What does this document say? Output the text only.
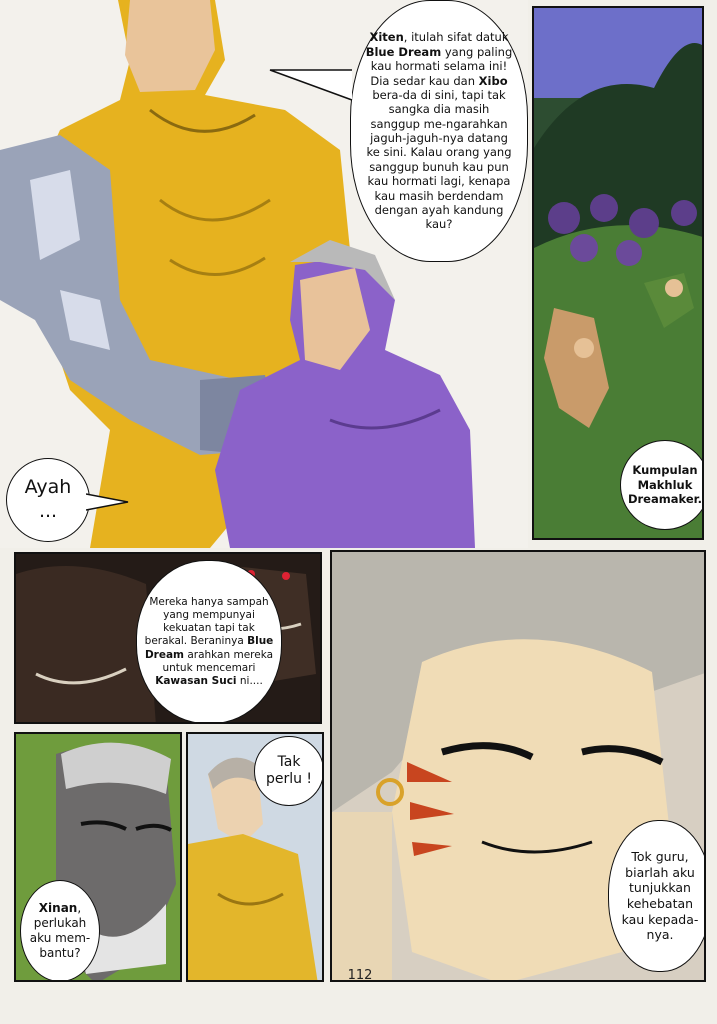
Xiten, itulah sifat datuk Blue Dream yang paling kau hormati selama ini! Dia sedar kau dan Xibo bera-da di sini, tapi tak sangka dia masih sanggup me-ngarahkan jaguh-jaguh-nya datang ke sini. Kalau orang yang sanggup bunuh kau pun kau hormati lagi, kenapa kau masih berdendam dengan ayah kandung kau?
Ayah ...
Kumpulan Makhluk Dreamaker.
Mereka hanya sampah yang mempunyai kekuatan tapi tak berakal. Beraninya Blue Dream arahkan mereka untuk mencemari Kawasan Suci ni....
Tok guru, biarlah aku tunjukkan kehebatan kau kepada-nya.
Xinan, perlukah aku mem-bantu?
Tak perlu !
112
